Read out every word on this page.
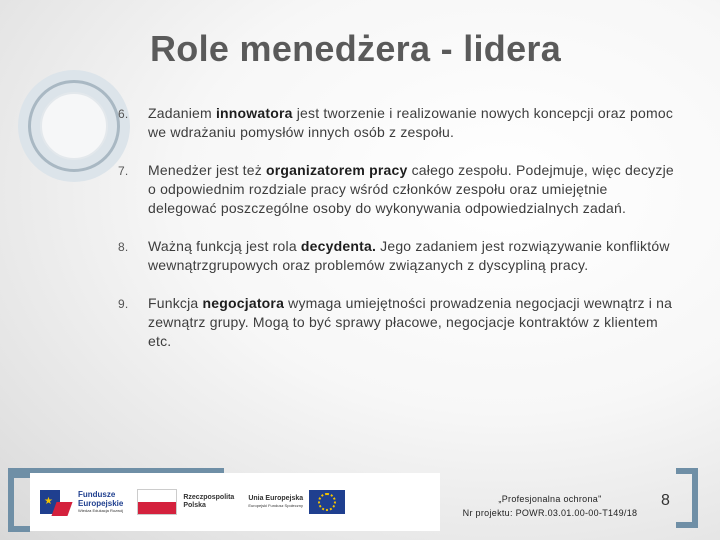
Role menedżera - lidera
6.	Zadaniem innowatora jest tworzenie i realizowanie nowych koncepcji oraz pomoc we wdrażaniu pomysłów innych osób z zespołu.
7.	Menedżer jest też organizatorem pracy całego zespołu. Podejmuje, więc decyzje o odpowiednim rozdziale pracy wśród członków zespołu oraz umiejętnie delegować poszczególne osoby do wykonywania odpowiedzialnych zadań.
8.	Ważną funkcją jest rola decydenta. Jego zadaniem jest rozwiązywanie konfliktów wewnątrzgrupowych oraz problemów związanych z dyscypliną pracy.
9.	Funkcja negocjatora wymaga umiejętności prowadzenia negocjacji wewnątrz i na zewnątrz grupy. Mogą to być sprawy płacowe, negocjacje kontraktów z klientem etc.
★
Fundusze
Europejskie
Wiedza Edukacja Rozwój
Rzeczpospolita
Polska
Unia Europejska
Europejski Fundusz Społeczny
„Profesjonalna ochrona"
Nr projektu: POWR.03.01.00-00-T149/18
8
